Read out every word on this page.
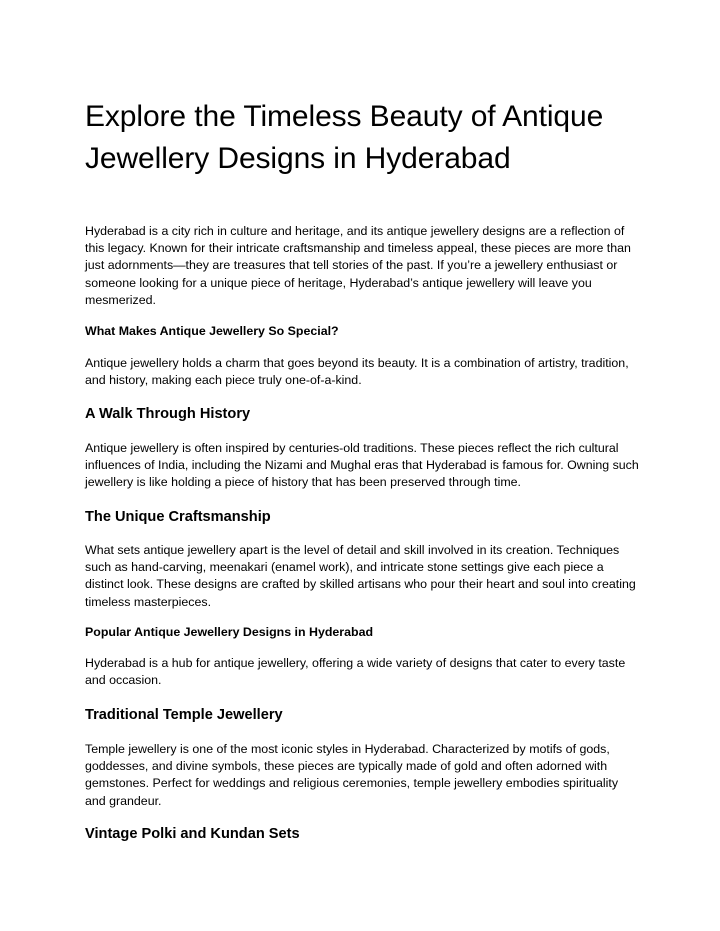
Explore the Timeless Beauty of Antique Jewellery Designs in Hyderabad

Hyderabad is a city rich in culture and heritage, and its antique jewellery designs are a reflection of this legacy. Known for their intricate craftsmanship and timeless appeal, these pieces are more than just adornments—they are treasures that tell stories of the past. If you’re a jewellery enthusiast or someone looking for a unique piece of heritage, Hyderabad’s antique jewellery will leave you mesmerized.

What Makes Antique Jewellery So Special?

Antique jewellery holds a charm that goes beyond its beauty. It is a combination of artistry, tradition, and history, making each piece truly one-of-a-kind.

A Walk Through History

Antique jewellery is often inspired by centuries-old traditions. These pieces reflect the rich cultural influences of India, including the Nizami and Mughal eras that Hyderabad is famous for. Owning such jewellery is like holding a piece of history that has been preserved through time.

The Unique Craftsmanship

What sets antique jewellery apart is the level of detail and skill involved in its creation. Techniques such as hand-carving, meenakari (enamel work), and intricate stone settings give each piece a distinct look. These designs are crafted by skilled artisans who pour their heart and soul into creating timeless masterpieces.

Popular Antique Jewellery Designs in Hyderabad

Hyderabad is a hub for antique jewellery, offering a wide variety of designs that cater to every taste and occasion.

Traditional Temple Jewellery

Temple jewellery is one of the most iconic styles in Hyderabad. Characterized by motifs of gods, goddesses, and divine symbols, these pieces are typically made of gold and often adorned with gemstones. Perfect for weddings and religious ceremonies, temple jewellery embodies spirituality and grandeur.

Vintage Polki and Kundan Sets
